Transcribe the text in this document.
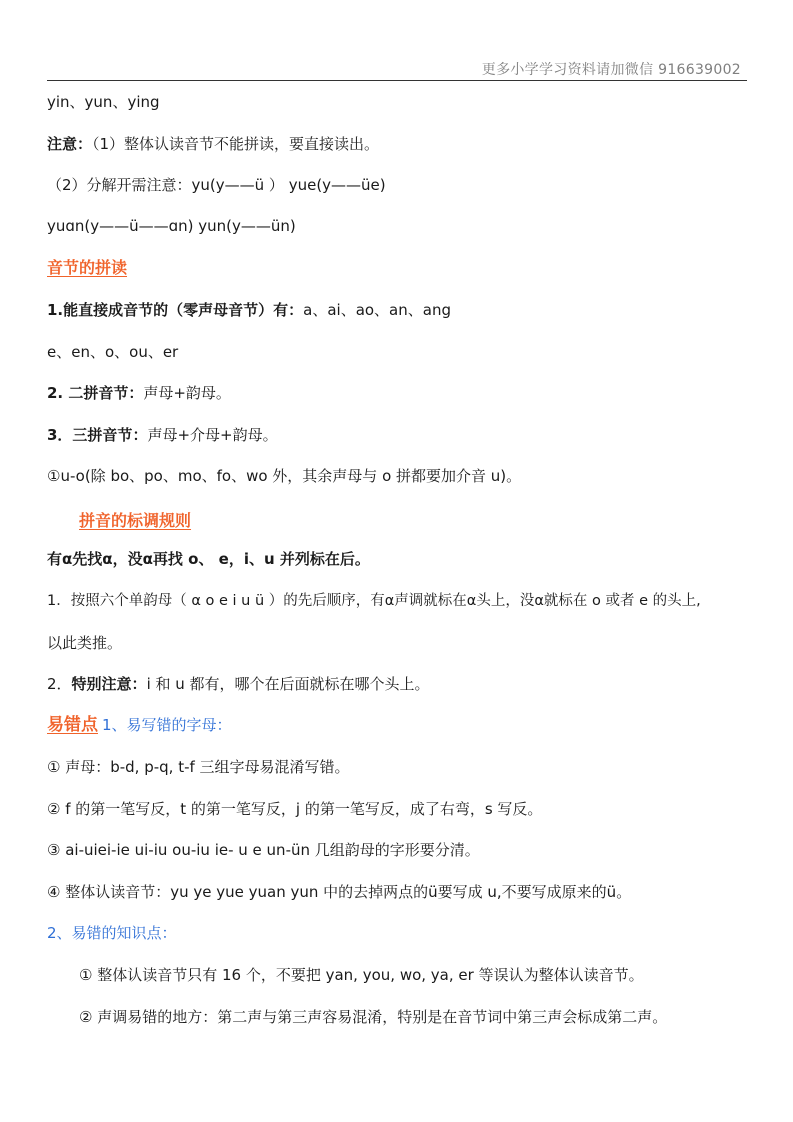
更多小学学习资料请加微信 916639002
yin、yun、ying
注意：（1）整体认读音节不能拼读，要直接读出。
（2）分解开需注意：yu(y——ü ） yue(y——üe)
yuɑn(y——ü——ɑn) yun(y——ün)
音节的拼读
1.能直接成音节的（零声母音节）有：a、ai、ao、an、ang
e、en、o、ou、er
2. 二拼音节：声母+韵母。
3．三拼音节：声母+介母+韵母。
①u-o(除 bo、po、mo、fo、wo 外，其余声母与 o 拼都要加介音 u)。
拼音的标调规则
有α先找α，没α再找 o、 e，i、u 并列标在后。
1．按照六个单韵母（ α o e i u ü ）的先后顺序，有α声调就标在α头上，没α就标在 o 或者 e 的头上,
以此类推。
2．特别注意：i 和 u 都有，哪个在后面就标在哪个头上。
易错点 1、易写错的字母：
① 声母：b-d, p-q, t-f 三组字母易混淆写错。
② f 的第一笔写反，t 的第一笔写反，j 的第一笔写反，成了右弯，s 写反。
③ ai-uiei-ie ui-iu ou-iu ie- u e un-ün 几组韵母的字形要分清。
④ 整体认读音节：yu ye yue yuan yun 中的去掉两点的ü要写成 u,不要写成原来的ü。
2、易错的知识点：
① 整体认读音节只有 16 个，不要把 yan, you, wo, ya, er 等误认为整体认读音节。
② 声调易错的地方：第二声与第三声容易混淆，特别是在音节词中第三声会标成第二声。
